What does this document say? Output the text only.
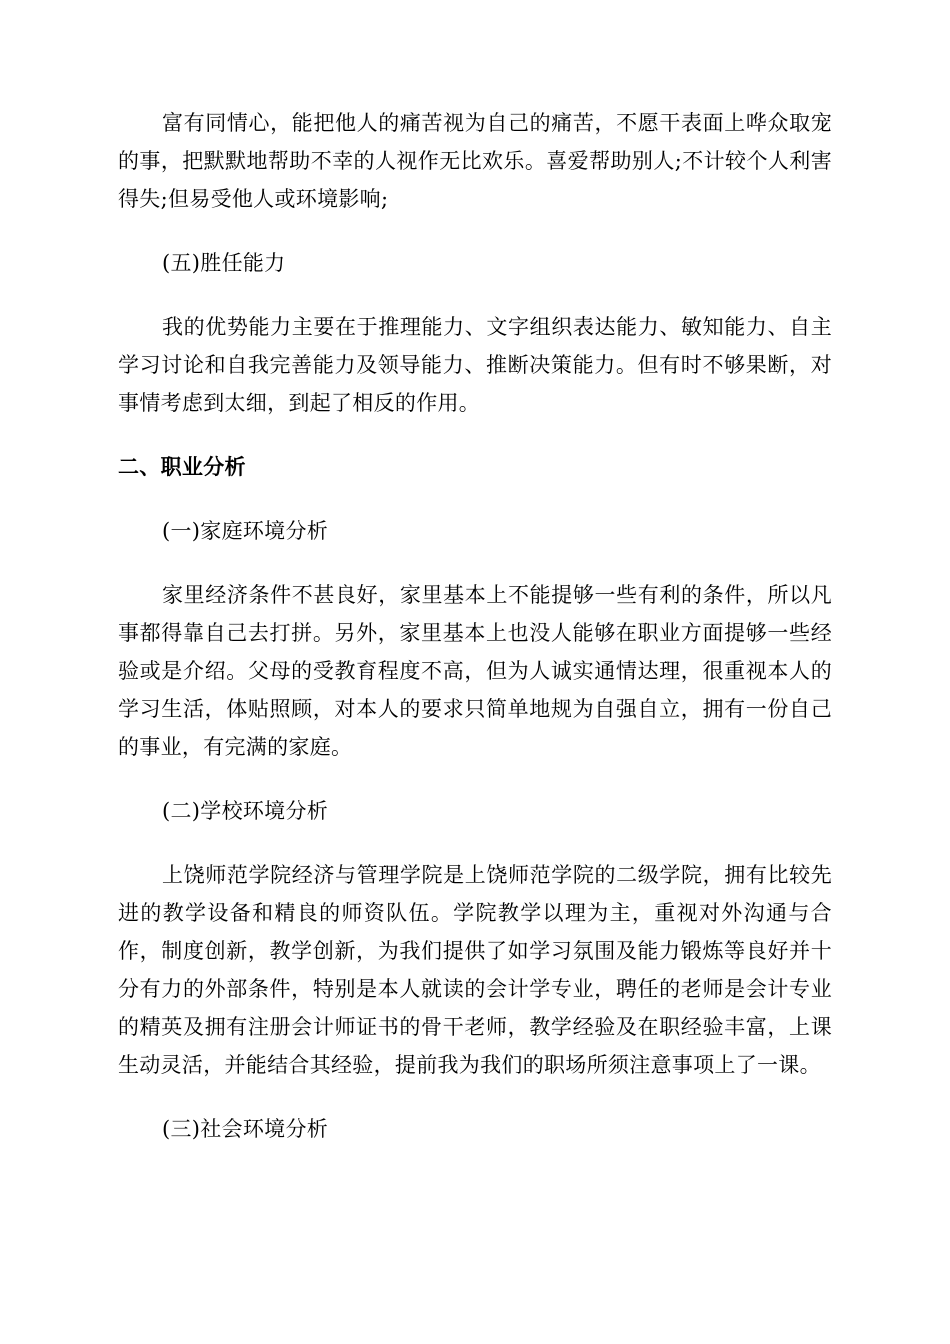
富有同情心，能把他人的痛苦视为自己的痛苦，不愿干表面上哗众取宠的事，把默默地帮助不幸的人视作无比欢乐。喜爱帮助别人;不计较个人利害得失;但易受他人或环境影响;

(五)胜任能力

我的优势能力主要在于推理能力、文字组织表达能力、敏知能力、自主学习讨论和自我完善能力及领导能力、推断决策能力。但有时不够果断，对事情考虑到太细，到起了相反的作用。

二、职业分析

(一)家庭环境分析

家里经济条件不甚良好，家里基本上不能提够一些有利的条件，所以凡事都得靠自己去打拼。另外，家里基本上也没人能够在职业方面提够一些经验或是介绍。父母的受教育程度不高，但为人诚实通情达理，很重视本人的学习生活，体贴照顾，对本人的要求只简单地规为自强自立，拥有一份自己的事业，有完满的家庭。

(二)学校环境分析

上饶师范学院经济与管理学院是上饶师范学院的二级学院，拥有比较先进的教学设备和精良的师资队伍。学院教学以理为主，重视对外沟通与合作，制度创新，教学创新，为我们提供了如学习氛围及能力锻炼等良好并十分有力的外部条件，特别是本人就读的会计学专业，聘任的老师是会计专业的精英及拥有注册会计师证书的骨干老师，教学经验及在职经验丰富，上课生动灵活，并能结合其经验，提前我为我们的职场所须注意事项上了一课。

(三)社会环境分析
